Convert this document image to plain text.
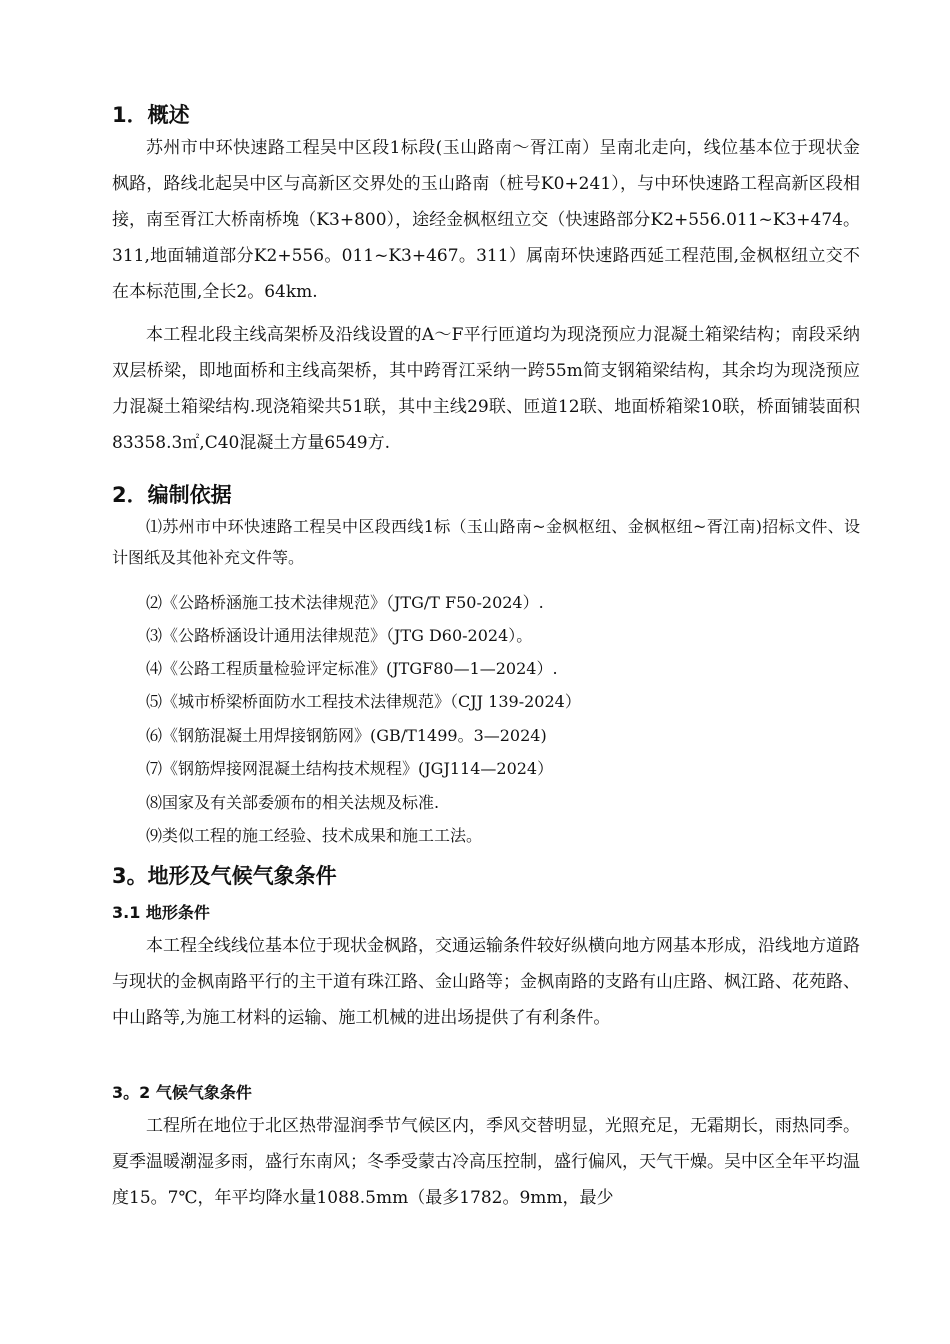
1．概述

苏州市中环快速路工程吴中区段1标段(玉山路南～胥江南）呈南北走向，线位基本位于现状金枫路，路线北起吴中区与高新区交界处的玉山路南（桩号K0+241），与中环快速路工程高新区段相接，南至胥江大桥南桥堍（K3+800），途经金枫枢纽立交（快速路部分K2+556.011~K3+474。311,地面辅道部分K2+556。011~K3+467。311）属南环快速路西延工程范围,金枫枢纽立交不在本标范围,全长2。64km.

本工程北段主线高架桥及沿线设置的A～F平行匝道均为现浇预应力混凝土箱梁结构；南段采纳双层桥梁，即地面桥和主线高架桥，其中跨胥江采纳一跨55m简支钢箱梁结构，其余均为现浇预应力混凝土箱梁结构.现浇箱梁共51联，其中主线29联、匝道12联、地面桥箱梁10联，桥面铺装面积83358.3㎡,C40混凝土方量6549方.

2．编制依据

⑴苏州市中环快速路工程吴中区段西线1标（玉山路南~金枫枢纽、金枫枢纽~胥江南)招标文件、设计图纸及其他补充文件等。

⑵《公路桥涵施工技术法律规范》（JTG/T F50-2024）.
⑶《公路桥涵设计通用法律规范》（JTG D60-2024）。
⑷《公路工程质量检验评定标准》(JTGF80—1—2024）.
⑸《城市桥梁桥面防水工程技术法律规范》（CJJ 139-2024）
⑹《钢筋混凝土用焊接钢筋网》(GB/T1499。3—2024)
⑺《钢筋焊接网混凝土结构技术规程》(JGJ114—2024）
⑻国家及有关部委颁布的相关法规及标准.
⑼类似工程的施工经验、技术成果和施工工法。
3。地形及气候气象条件
3.1 地形条件

本工程全线线位基本位于现状金枫路，交通运输条件较好纵横向地方网基本形成，沿线地方道路与现状的金枫南路平行的主干道有珠江路、金山路等；金枫南路的支路有山庄路、枫江路、花苑路、中山路等,为施工材料的运输、施工机械的进出场提供了有利条件。

3。2 气候气象条件

工程所在地位于北区热带湿润季节气候区内，季风交替明显，光照充足，无霜期长，雨热同季。夏季温暖潮湿多雨，盛行东南风；冬季受蒙古冷高压控制，盛行偏风，天气干燥。吴中区全年平均温度15。7℃，年平均降水量1088.5mm（最多1782。9mm，最少
